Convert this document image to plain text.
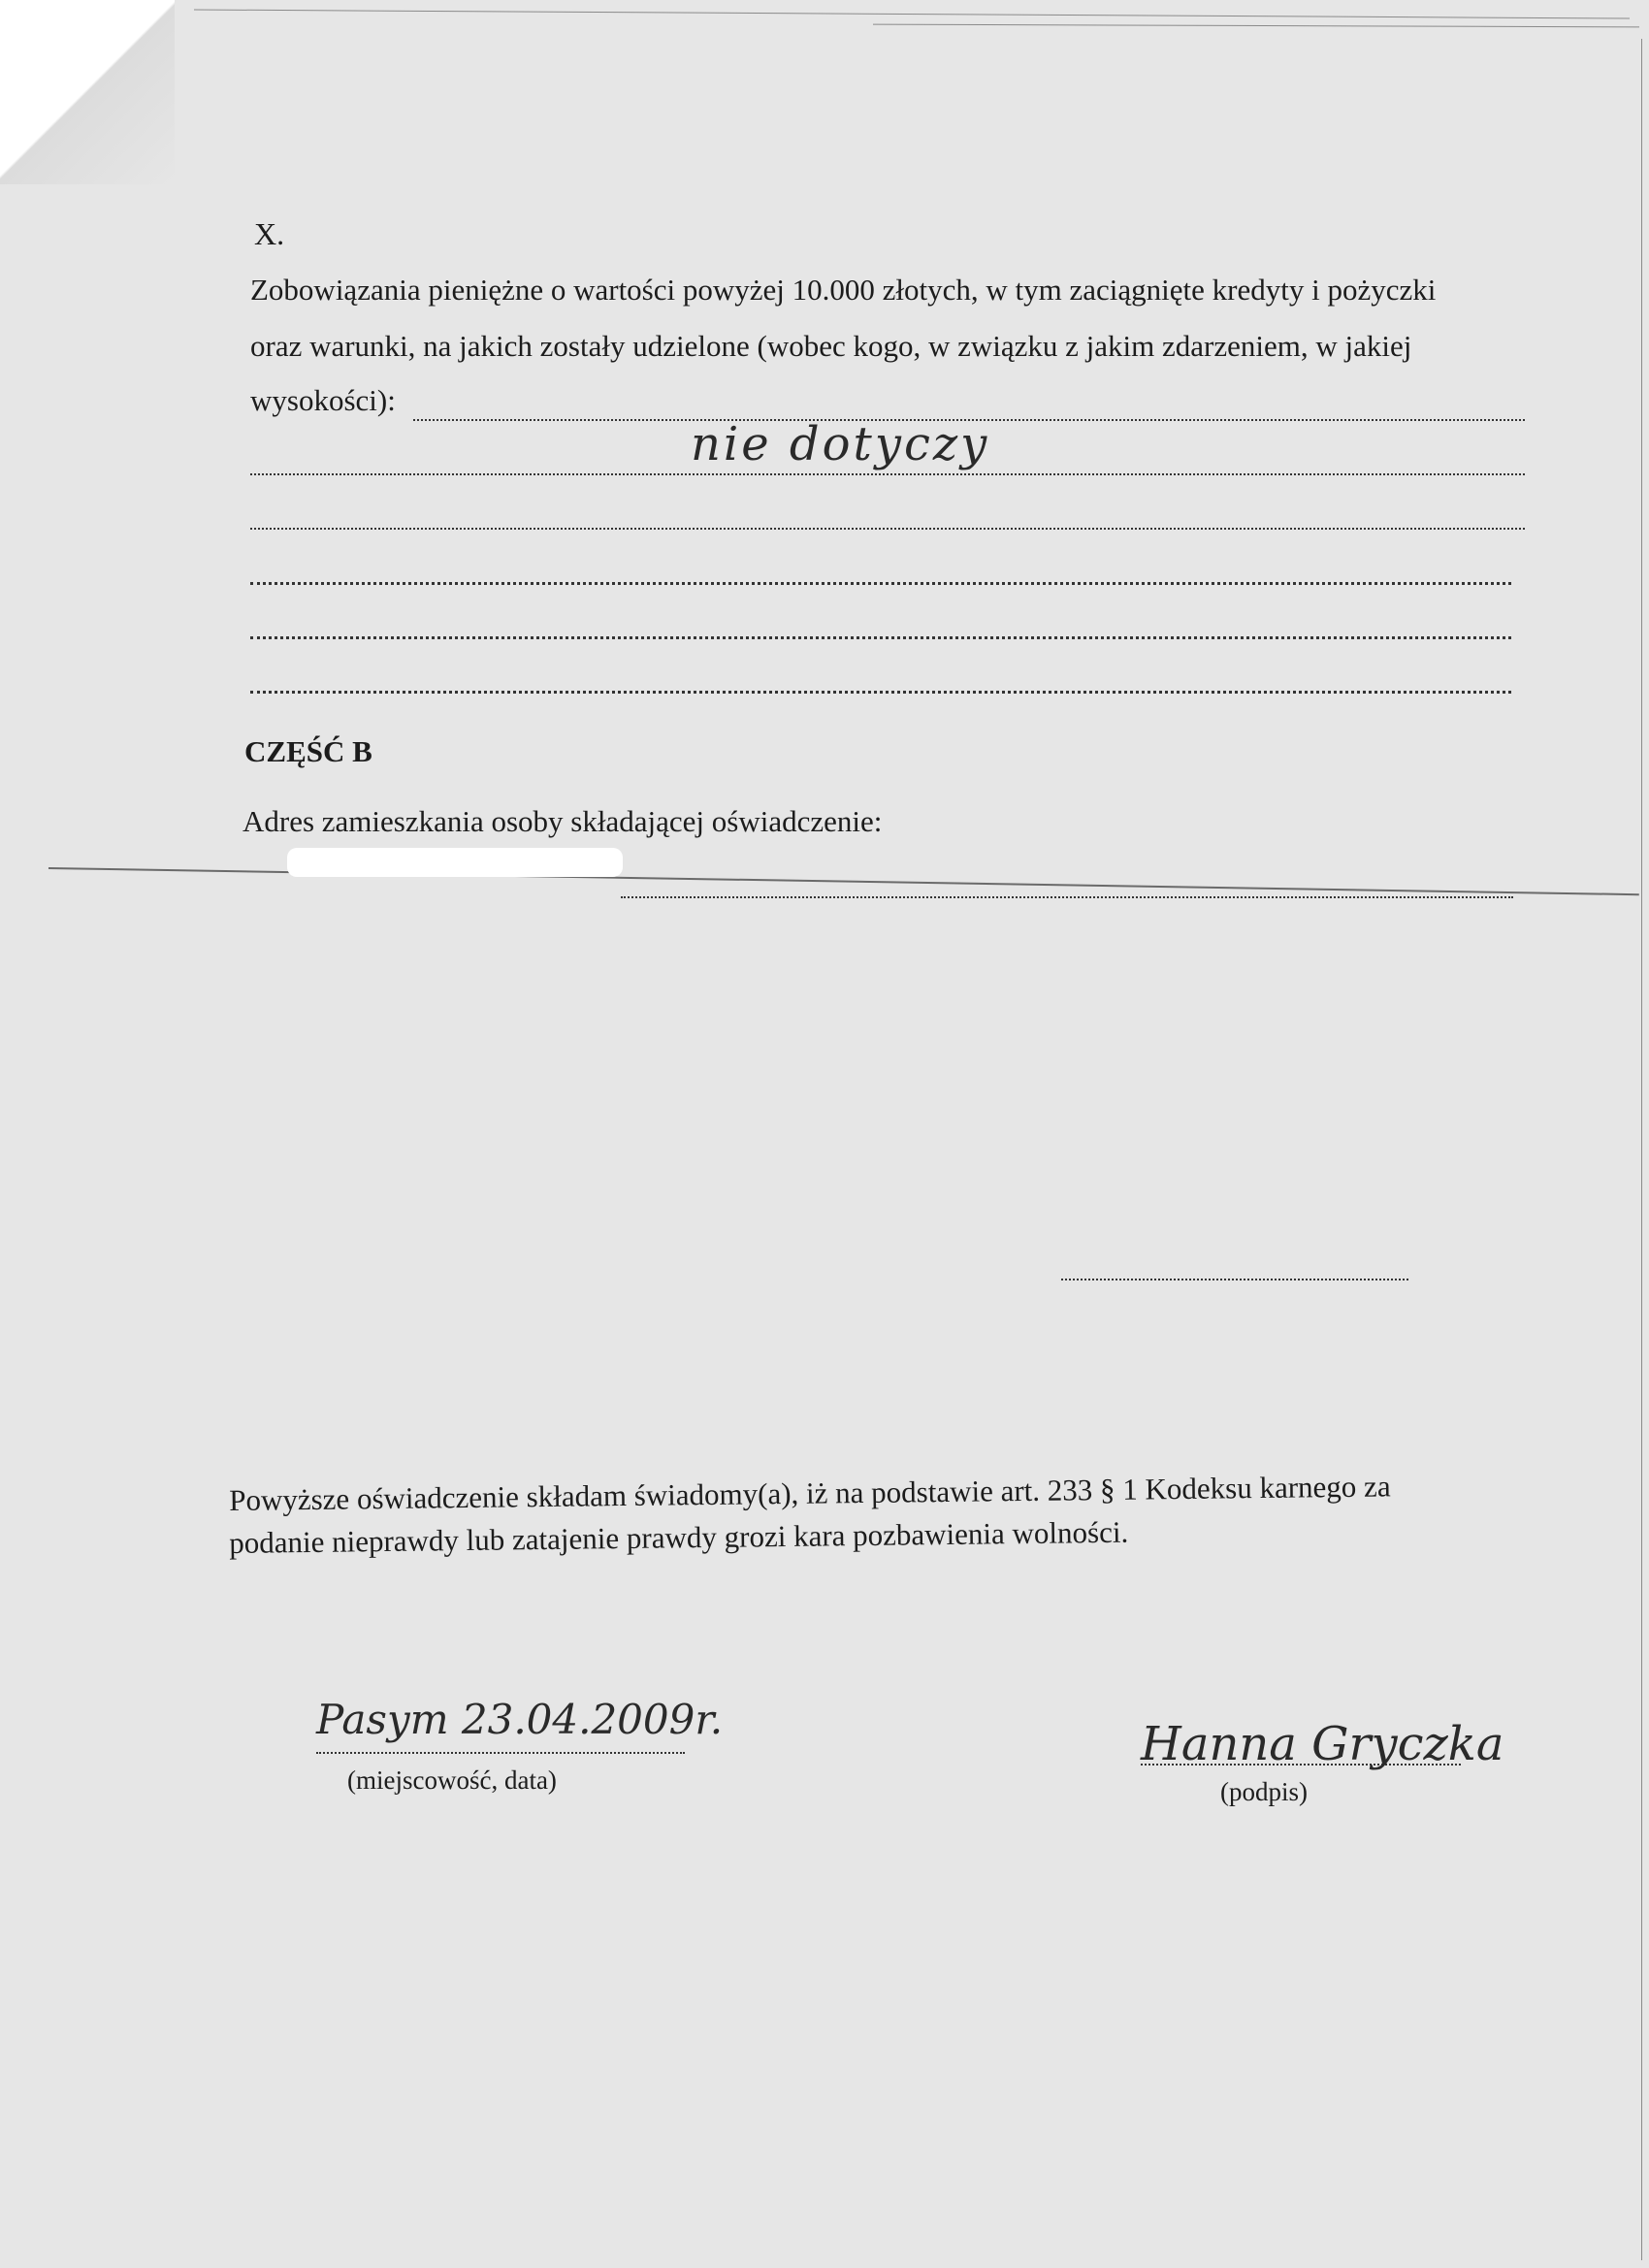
X.
Zobowiązania pieniężne o wartości powyżej 10.000 złotych, w tym zaciągnięte kredyty i pożyczki
oraz warunki, na jakich zostały udzielone (wobec kogo, w związku z jakim zdarzeniem, w jakiej
wysokości):
nie dotyczy
CZĘŚĆ B
Adres zamieszkania osoby składającej oświadczenie:
Powyższe oświadczenie składam świadomy(a), iż na podstawie art. 233 § 1 Kodeksu karnego za
podanie nieprawdy lub zatajenie prawdy grozi kara pozbawienia wolności.
Pasym 23.04.2009r.
(miejscowość, data)
Hanna Gryczka
(podpis)
